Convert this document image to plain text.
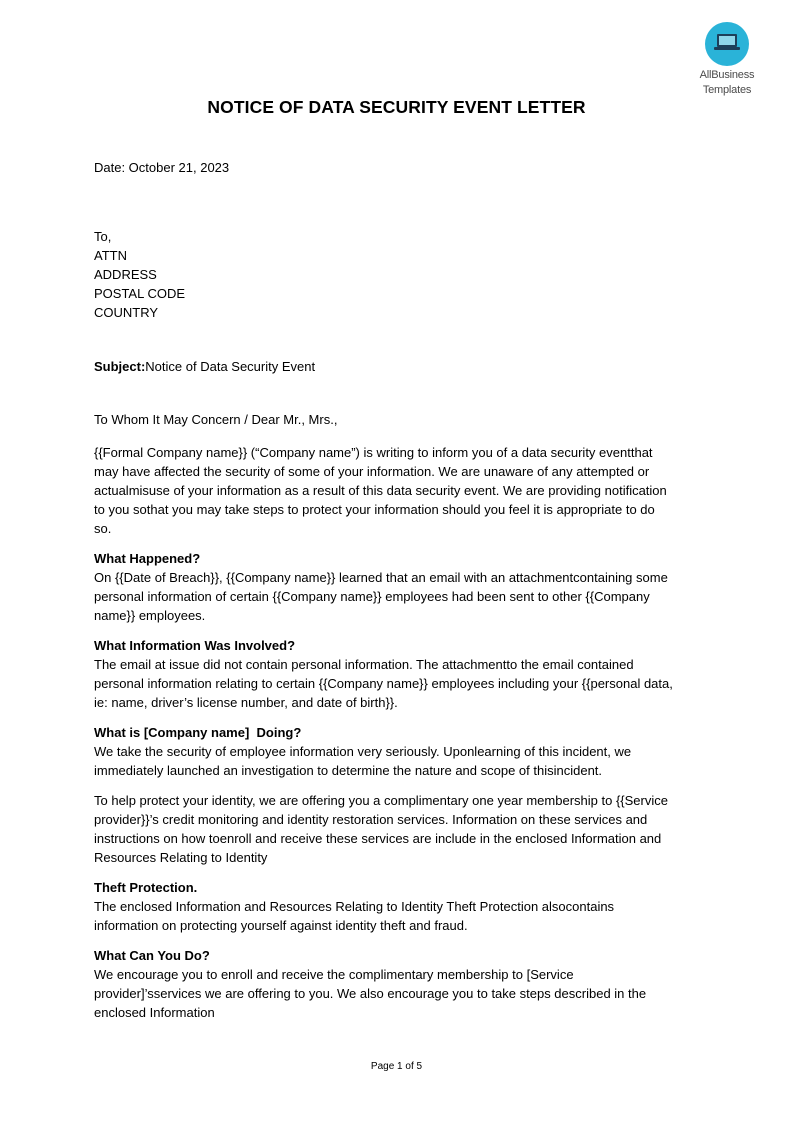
AllBusiness
Templates
NOTICE OF DATA SECURITY EVENT LETTER
Date: October 21, 2023
To,
ATTN
ADDRESS
POSTAL CODE
COUNTRY
Subject:Notice of Data Security Event
To Whom It May Concern / Dear Mr., Mrs.,
{{Formal Company name}} (“Company name”) is writing to inform you of a data security eventthat
may have affected the security of some of your information. We are unaware of any attempted or
actualmisuse of your information as a result of this data security event. We are providing notification
to you sothat you may take steps to protect your information should you feel it is appropriate to do
so.
What Happened?
On {{Date of Breach}}, {{Company name}} learned that an email with an attachmentcontaining some
personal information of certain {{Company name}} employees had been sent to other {{Company
name}} employees.
What Information Was Involved?
The email at issue did not contain personal information. The attachmentto the email contained
personal information relating to certain {{Company name}} employees including your {{personal data,
ie: name, driver’s license number, and date of birth}}.
What is [Company name]  Doing?
We take the security of employee information very seriously. Uponlearning of this incident, we
immediately launched an investigation to determine the nature and scope of thisincident.
To help protect your identity, we are offering you a complimentary one year membership to {{Service
provider}}’s credit monitoring and identity restoration services. Information on these services and
instructions on how toenroll and receive these services are include in the enclosed Information and
Resources Relating to Identity
Theft Protection.
The enclosed Information and Resources Relating to Identity Theft Protection alsocontains
information on protecting yourself against identity theft and fraud.
What Can You Do?
We encourage you to enroll and receive the complimentary membership to [Service
provider]’sservices we are offering to you. We also encourage you to take steps described in the
enclosed Information
Page 1 of 5
